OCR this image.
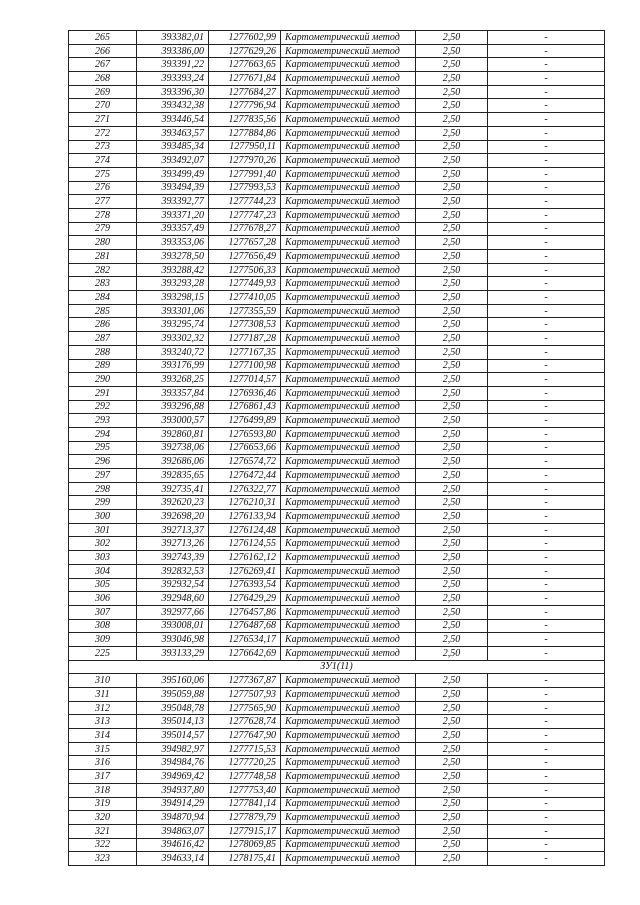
265	393382,01	1277602,99	Картометрический метод	2,50	-
266	393386,00	1277629,26	Картометрический метод	2,50	-
267	393391,22	1277663,65	Картометрический метод	2,50	-
268	393393,24	1277671,84	Картометрический метод	2,50	-
269	393396,30	1277684,27	Картометрический метод	2,50	-
270	393432,38	1277796,94	Картометрический метод	2,50	-
271	393446,54	1277835,56	Картометрический метод	2,50	-
272	393463,57	1277884,86	Картометрический метод	2,50	-
273	393485,34	1277950,11	Картометрический метод	2,50	-
274	393492,07	1277970,26	Картометрический метод	2,50	-
275	393499,49	1277991,40	Картометрический метод	2,50	-
276	393494,39	1277993,53	Картометрический метод	2,50	-
277	393392,77	1277744,23	Картометрический метод	2,50	-
278	393371,20	1277747,23	Картометрический метод	2,50	-
279	393357,49	1277678,27	Картометрический метод	2,50	-
280	393353,06	1277657,28	Картометрический метод	2,50	-
281	393278,50	1277656,49	Картометрический метод	2,50	-
282	393288,42	1277506,33	Картометрический метод	2,50	-
283	393293,28	1277449,93	Картометрический метод	2,50	-
284	393298,15	1277410,05	Картометрический метод	2,50	-
285	393301,06	1277355,59	Картометрический метод	2,50	-
286	393295,74	1277308,53	Картометрический метод	2,50	-
287	393302,32	1277187,28	Картометрический метод	2,50	-
288	393240,72	1277167,35	Картометрический метод	2,50	-
289	393176,99	1277100,98	Картометрический метод	2,50	-
290	393268,25	1277014,57	Картометрический метод	2,50	-
291	393357,84	1276936,46	Картометрический метод	2,50	-
292	393296,88	1276861,43	Картометрический метод	2,50	-
293	393000,57	1276499,89	Картометрический метод	2,50	-
294	392860,81	1276593,80	Картометрический метод	2,50	-
295	392738,06	1276653,66	Картометрический метод	2,50	-
296	392686,06	1276574,72	Картометрический метод	2,50	-
297	392835,65	1276472,44	Картометрический метод	2,50	-
298	392735,41	1276322,77	Картометрический метод	2,50	-
299	392620,23	1276210,31	Картометрический метод	2,50	-
300	392698,20	1276133,94	Картометрический метод	2,50	-
301	392713,37	1276124,48	Картометрический метод	2,50	-
302	392713,26	1276124,55	Картометрический метод	2,50	-
303	392743,39	1276162,12	Картометрический метод	2,50	-
304	392832,53	1276269,41	Картометрический метод	2,50	-
305	392932,54	1276393,54	Картометрический метод	2,50	-
306	392948,60	1276429,29	Картометрический метод	2,50	-
307	392977,66	1276457,86	Картометрический метод	2,50	-
308	393008,01	1276487,68	Картометрический метод	2,50	-
309	393046,98	1276534,17	Картометрический метод	2,50	-
225	393133,29	1276642,69	Картометрический метод	2,50	-
ЗУ1(11)					
310	395160,06	1277367,87	Картометрический метод	2,50	-
311	395059,88	1277507,93	Картометрический метод	2,50	-
312	395048,78	1277565,90	Картометрический метод	2,50	-
313	395014,13	1277628,74	Картометрический метод	2,50	-
314	395014,57	1277647,90	Картометрический метод	2,50	-
315	394982,97	1277715,53	Картометрический метод	2,50	-
316	394984,76	1277720,25	Картометрический метод	2,50	-
317	394969,42	1277748,58	Картометрический метод	2,50	-
318	394937,80	1277753,40	Картометрический метод	2,50	-
319	394914,29	1277841,14	Картометрический метод	2,50	-
320	394870,94	1277879,79	Картометрический метод	2,50	-
321	394863,07	1277915,17	Картометрический метод	2,50	-
322	394616,42	1278069,85	Картометрический метод	2,50	-
323	394633,14	1278175,41	Картометрический метод	2,50	-
